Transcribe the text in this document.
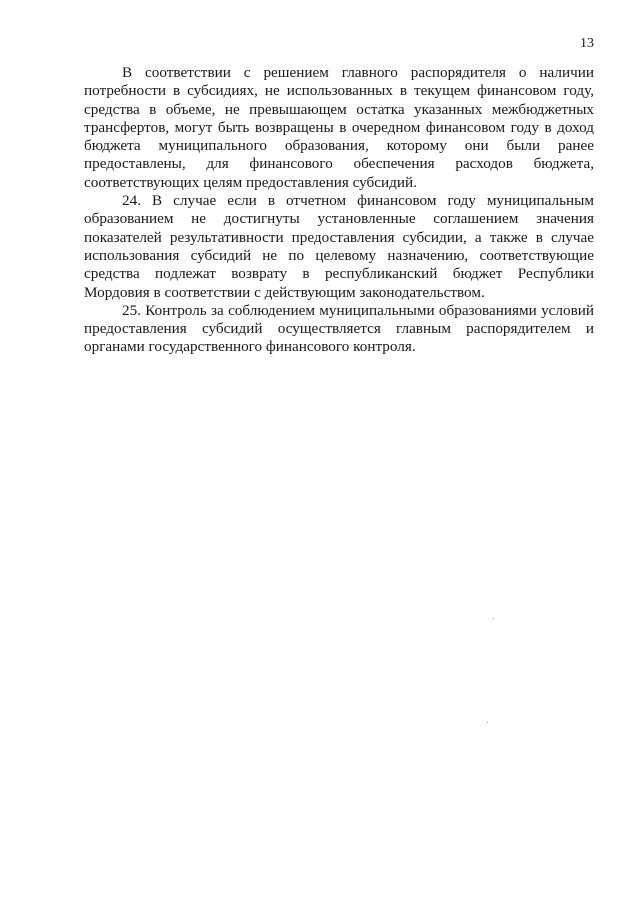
13

В соответствии с решением главного распорядителя о наличии потребности в субсидиях, не использованных в текущем финансовом году, средства в объеме, не превышающем остатка указанных межбюджетных трансфертов, могут быть возвращены в очередном финансовом году в доход бюджета муниципального образования, которому они были ранее предоставлены, для финансового обеспечения расходов бюджета, соответствующих целям предоставления субсидий.

24. В случае если в отчетном финансовом году муниципальным образованием не достигнуты установленные соглашением значения показателей результативности предоставления субсидии, а также в случае использования субсидий не по целевому назначению, соответствующие средства подлежат возврату в республиканский бюджет Республики Мордовия в соответствии с действующим законодательством.

25. Контроль за соблюдением муниципальными образованиями условий предоставления субсидий осуществляется главным распорядителем и органами государственного финансового контроля.
